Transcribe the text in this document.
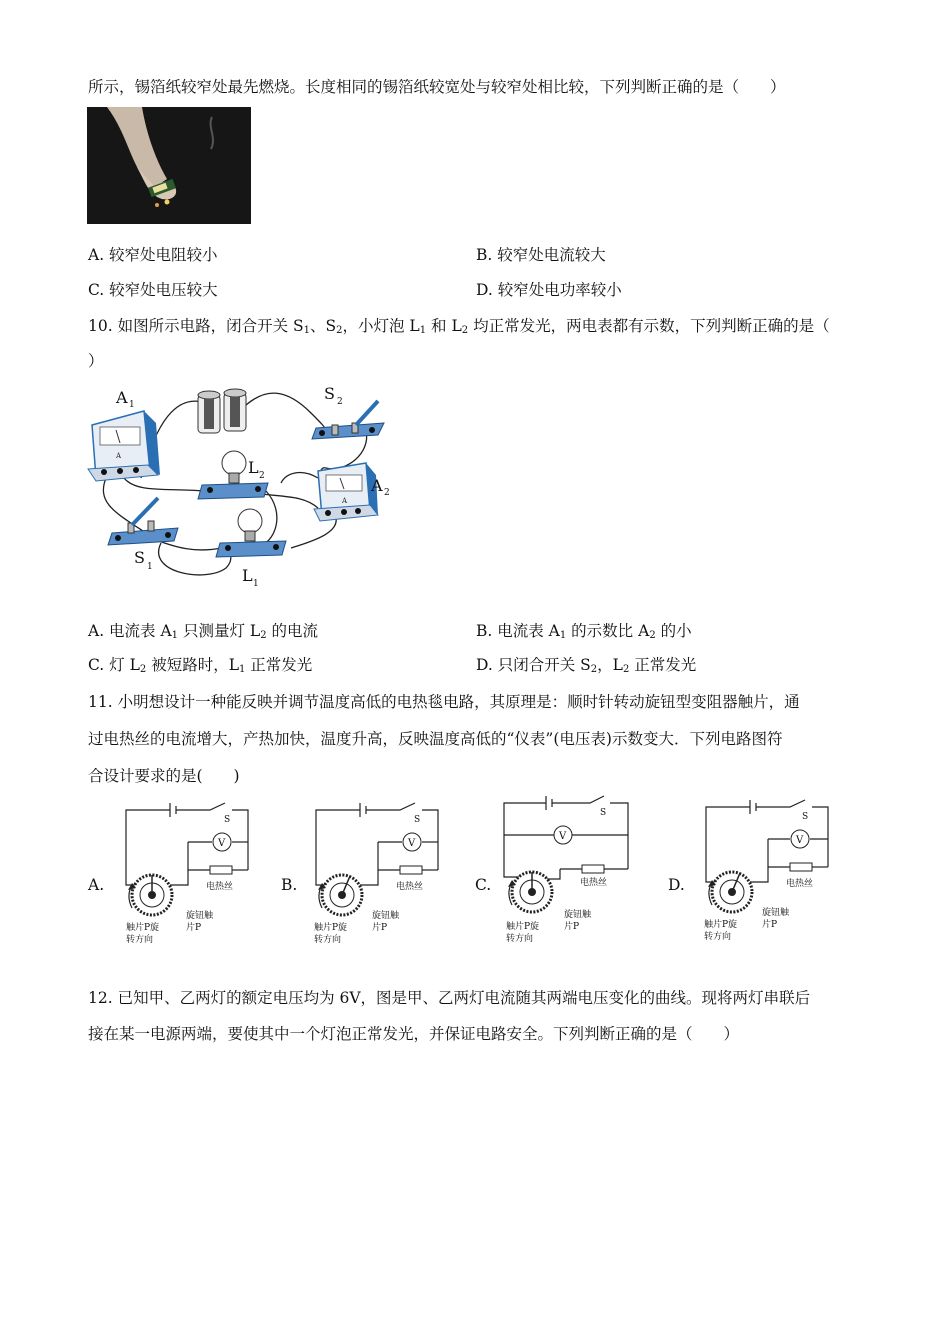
所示，锡箔纸较窄处最先燃烧。长度相同的锡箔纸较宽处与较窄处相比较，下列判断正确的是（　　）
A. 较窄处电阻较小	B. 较窄处电流较大
C. 较窄处电压较大	D. 较窄处电功率较小
10. 如图所示电路，闭合开关 $S_1$、$S_2$，小灯泡 $L_1$ 和 $L_2$ 均正常发光，两电表都有示数，下列判断正确的是（
）
A
A 1
S 2
L 2
A
A 2
S 1	L 1
A. 电流表 $A_1$ 只测量灯 $L_2$ 的电流	B. 电流表 $A_1$ 的示数比 $A_2$ 的小
C. 灯 $L_2$ 被短路时，$L_1$ 正常发光	D. 只闭合开关 $S_2$，$L_2$ 正常发光
11. 小明想设计一种能反映并调节温度高低的电热毯电路，其原理是：顺时针转动旋钮型变阻器触片，通
过电热丝的电流增大，产热加快，温度升高，反映温度高低的“仪表”(电压表)示数变大．下列电路图符
合设计要求的是(　　)
A.	B.	C.	D.
V
S
电热丝
旋钮触
片P
触片P旋
转方向
V
S
电热丝
旋钮触
片P
触片P旋
转方向
V
S
电热丝
旋钮触
片P
触片P旋
转方向
V
S
电热丝
旋钮触
片P
触片P旋
转方向
12. 已知甲、乙两灯的额定电压均为 6V，图是甲、乙两灯电流随其两端电压变化的曲线。现将两灯串联后
接在某一电源两端，要使其中一个灯泡正常发光，并保证电路安全。下列判断正确的是（　　）
